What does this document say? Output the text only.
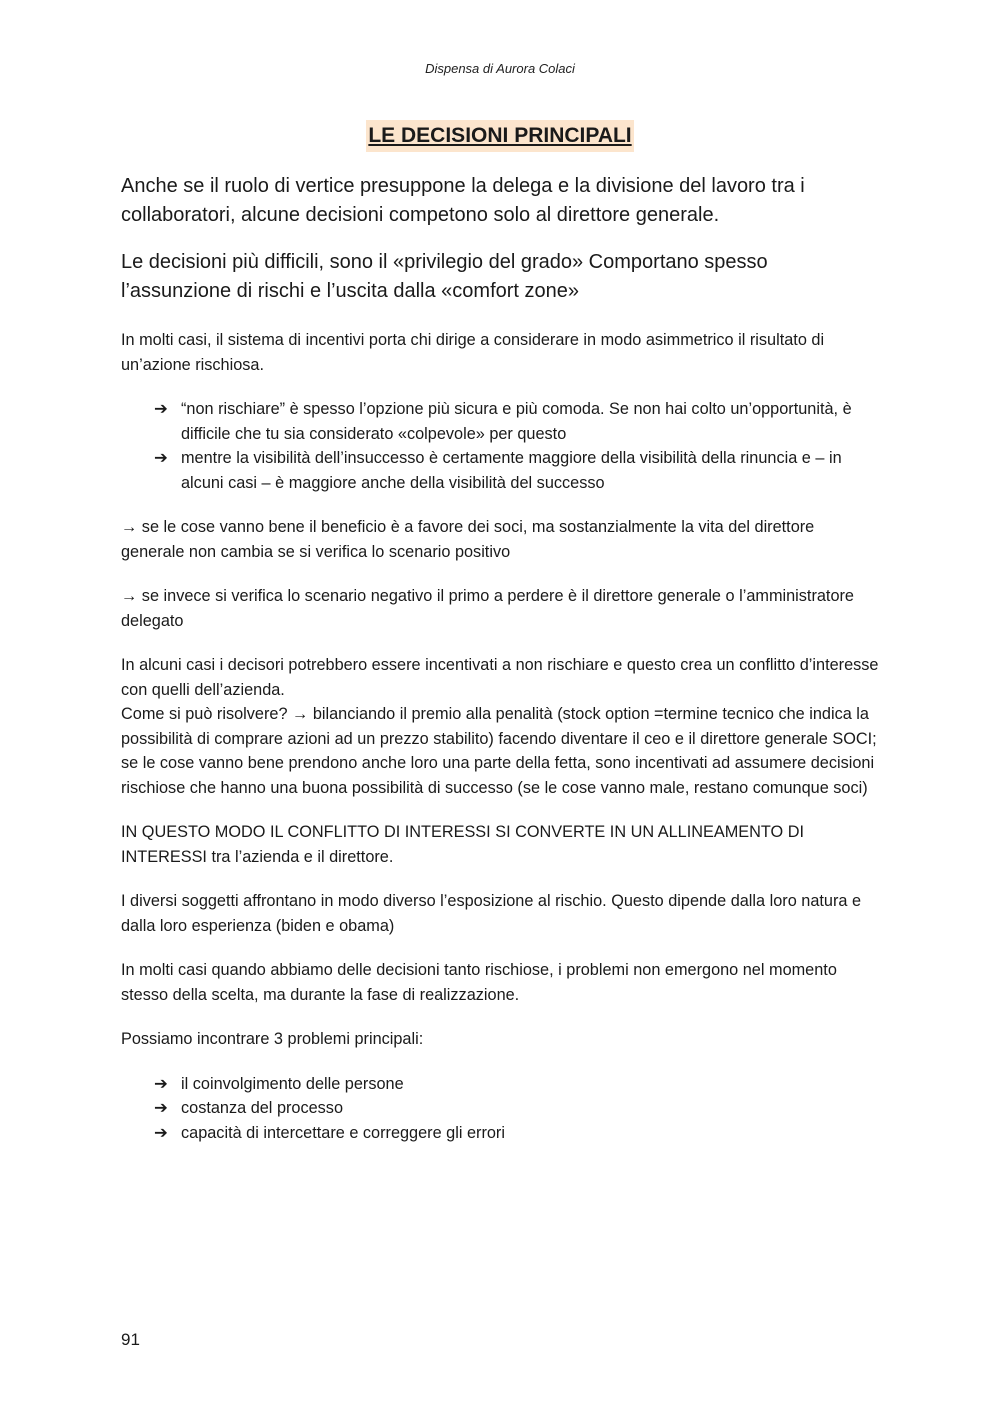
Dispensa di Aurora Colaci
LE DECISIONI PRINCIPALI

Anche se il ruolo di vertice presuppone la delega e la divisione del lavoro tra i collaboratori, alcune decisioni competono solo al direttore generale.

Le decisioni più difficili, sono il «privilegio del grado» Comportano spesso l’assunzione di rischi e l’uscita dalla «comfort zone»

In molti casi, il sistema di incentivi porta chi dirige a considerare in modo asimmetrico il risultato di un’azione rischiosa.

➔ “non rischiare” è spesso l’opzione più sicura e più comoda. Se non hai colto un’opportunità, è difficile che tu sia considerato «colpevole» per questo
➔ mentre la visibilità dell’insuccesso è certamente maggiore della visibilità della rinuncia e – in alcuni casi – è maggiore anche della visibilità del successo

→ se le cose vanno bene il beneficio è a favore dei soci, ma sostanzialmente la vita del direttore generale non cambia se si verifica lo scenario positivo

→ se invece si verifica lo scenario negativo il primo a perdere è il direttore generale o l’amministratore delegato

In alcuni casi i decisori potrebbero essere incentivati a non rischiare e questo crea un conflitto d’interesse con quelli dell’azienda.

Come si può risolvere? → bilanciando il premio alla penalità (stock option =termine tecnico che indica la possibilità di comprare azioni ad un prezzo stabilito) facendo diventare il ceo e il direttore generale SOCI; se le cose vanno bene prendono anche loro una parte della fetta, sono incentivati ad assumere decisioni rischiose che hanno una buona possibilità di successo (se le cose vanno male, restano comunque soci)

IN QUESTO MODO IL CONFLITTO DI INTERESSI SI CONVERTE IN UN ALLINEAMENTO DI INTERESSI tra l’azienda e il direttore.

I diversi soggetti affrontano in modo diverso l’esposizione al rischio. Questo dipende dalla loro natura e dalla loro esperienza (biden e obama)

In molti casi quando abbiamo delle decisioni tanto rischiose, i problemi non emergono nel momento stesso della scelta, ma durante la fase di realizzazione.

Possiamo incontrare 3 problemi principali:

➔ il coinvolgimento delle persone
➔ costanza del processo
➔ capacità di intercettare e correggere gli errori
91
